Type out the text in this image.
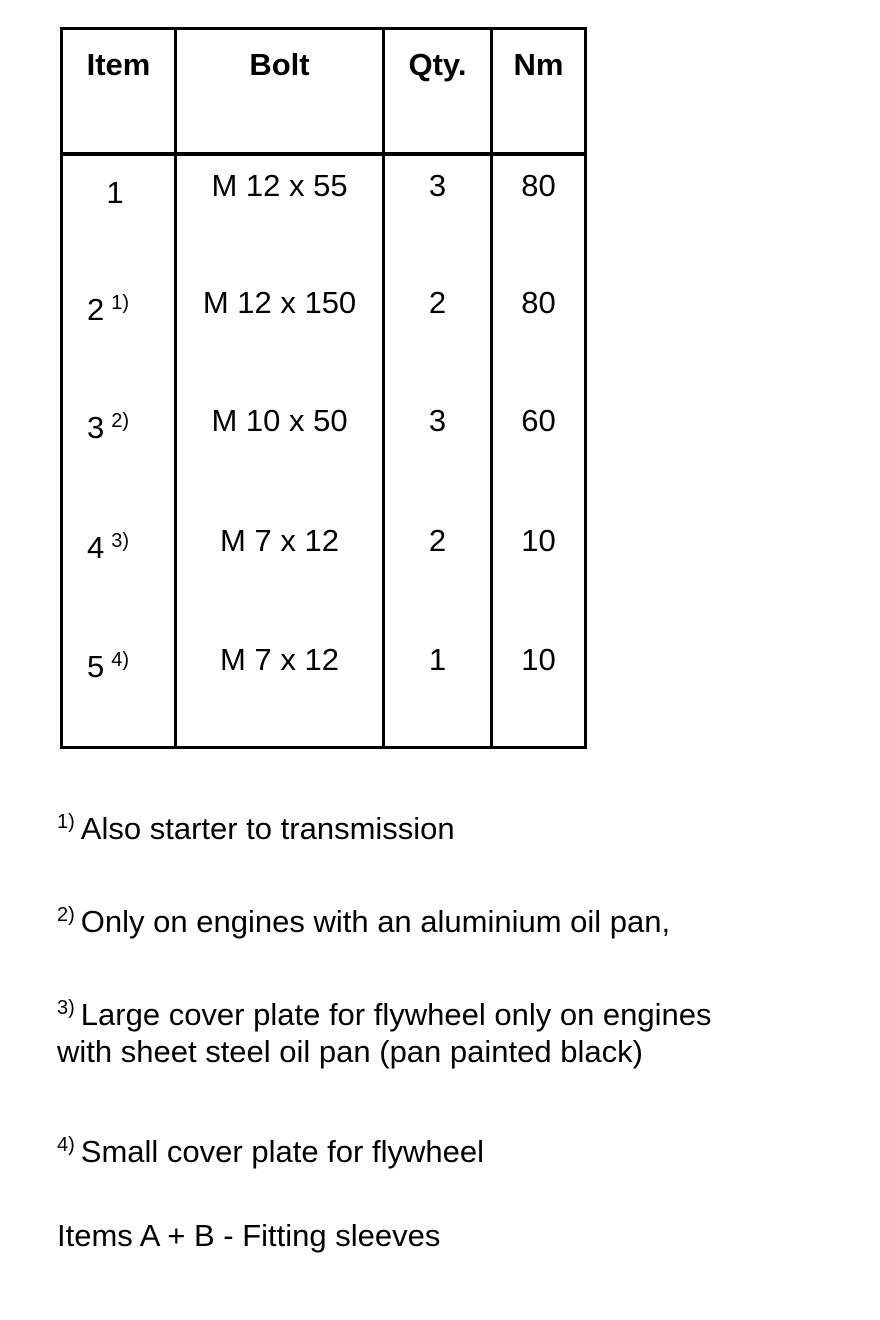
Item	Bolt	Qty.	Nm
1	M 12 x 55	3	80
2 $^{1)}$	M 12 x 150	2	80
3 $^{2)}$	M 10 x 50	3	60
4 $^{3)}$	M 7 x 12	2	10
5 $^{4)}$	M 7 x 12	1	10
$^{1)}$ Also starter to transmission
$^{2)}$ Only on engines with an aluminium oil pan,
$^{3)}$ Large cover plate for flywheel only on engines
with sheet steel oil pan (pan painted black)
$^{4)}$ Small cover plate for flywheel
Items A + B - Fitting sleeves
